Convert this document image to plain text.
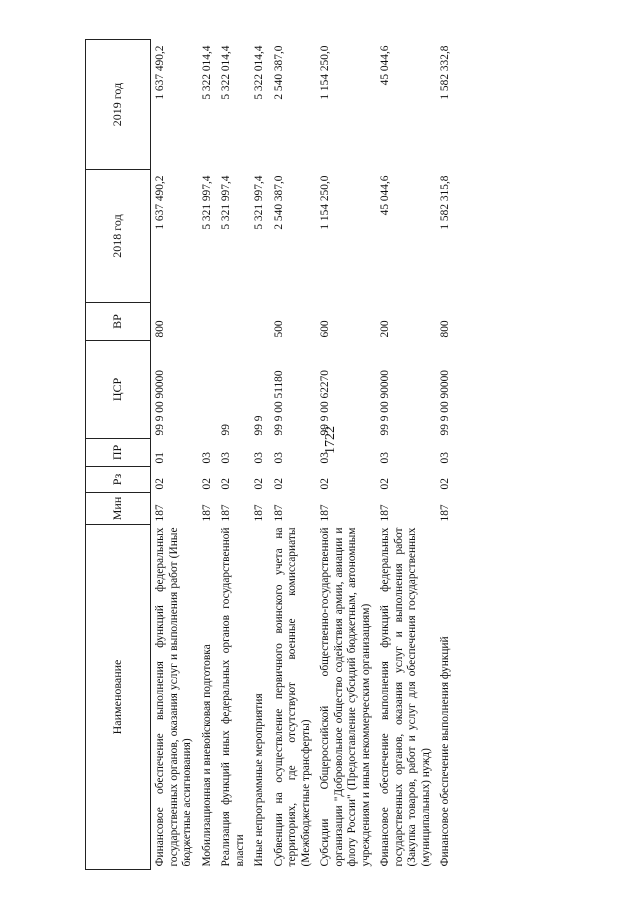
1722
Наименование	Мин	Рз	ПР	ЦСР	ВР	2018 год	2019 год
Финансовое обеспечение выполнения функций федеральных государственных органов, оказания услуг и выполнения работ (Иные бюджетные ассигнования)	187	02	01	99 9 00 90000	800	1 637 490,2	1 637 490,2
Мобилизационная и вневойсковая подготовка	187	02	03			5 321 997,4	5 322 014,4
Реализация функций иных федеральных органов государственной власти	187	02	03	99		5 321 997,4	5 322 014,4
Иные непрограммные мероприятия	187	02	03	99 9		5 321 997,4	5 322 014,4
Субвенции на осуществление первичного воинского учета на территориях, где отсутствуют военные комиссариаты (Межбюджетные трансферты)	187	02	03	99 9 00 51180	500	2 540 387,0	2 540 387,0
Субсидии Общероссийской общественно-государственной организации "Добровольное общество содействия армии, авиации и флоту России" (Предоставление субсидий бюджетным, автономным учреждениям и иным некоммерческим организациям)	187	02	03	99 9 00 62270	600	1 154 250,0	1 154 250,0
Финансовое обеспечение выполнения функций федеральных государственных органов, оказания услуг и выполнения работ (Закупка товаров, работ и услуг для обеспечения государственных (муниципальных) нужд)	187	02	03	99 9 00 90000	200	45 044,6	45 044,6
Финансовое обеспечение выполнения функций	187	02	03	99 9 00 90000	800	1 582 315,8	1 582 332,8
